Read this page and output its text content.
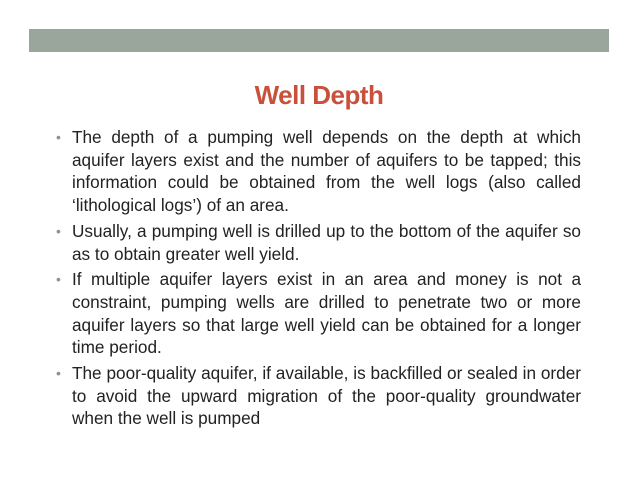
Well Depth
• The depth of a pumping well depends on the depth at which aquifer layers exist and the number of aquifers to be tapped; this information could be obtained from the well logs (also called ‘lithological logs’) of an area.
• Usually, a pumping well is drilled up to the bottom of the aquifer so as to obtain greater well yield.
• If multiple aquifer layers exist in an area and money is not a constraint, pumping wells are drilled to penetrate two or more aquifer layers so that large well yield can be obtained for a longer time period.
• The poor-quality aquifer, if available, is backfilled or sealed in order to avoid the upward migration of the poor-quality groundwater when the well is pumped
